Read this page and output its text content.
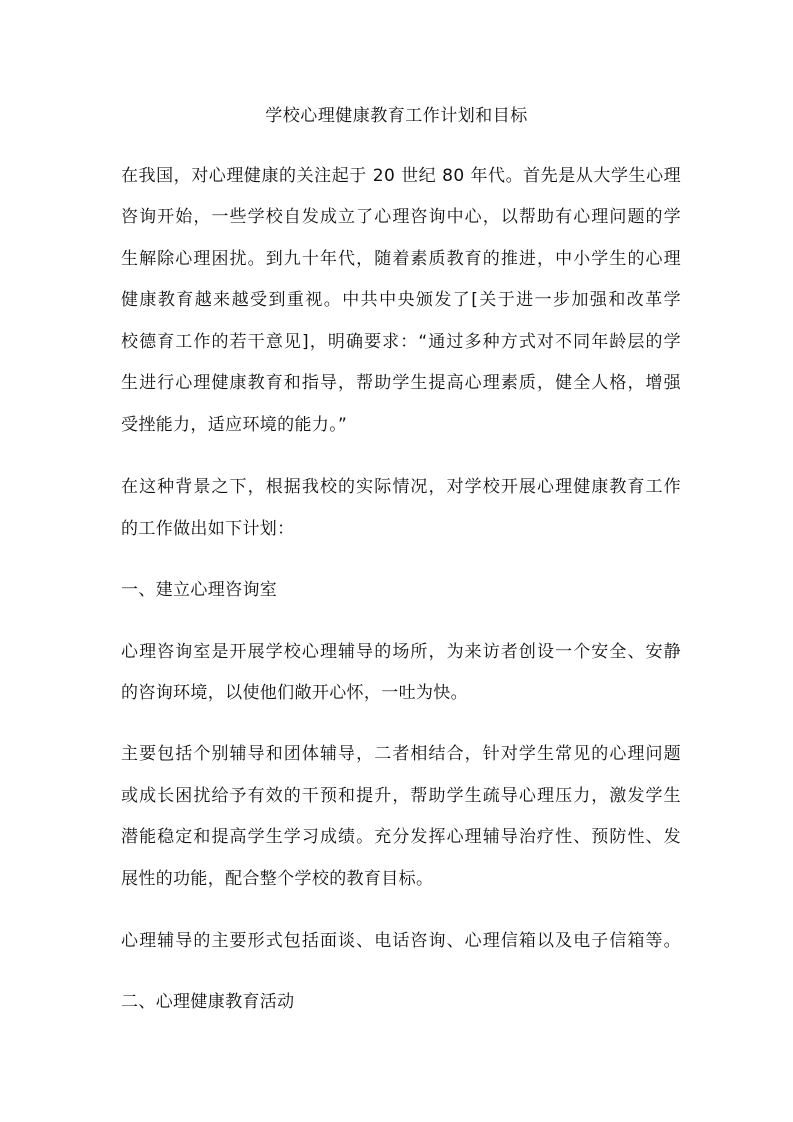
学校心理健康教育工作计划和目标
在我国，对心理健康的关注起于 20 世纪 80 年代。首先是从大学生心理
咨询开始，一些学校自发成立了心理咨询中心，以帮助有心理问题的学
生解除心理困扰。到九十年代，随着素质教育的推进，中小学生的心理
健康教育越来越受到重视。中共中央颁发了[关于进一步加强和改革学
校德育工作的若干意见]，明确要求：“通过多种方式对不同年龄层的学
生进行心理健康教育和指导，帮助学生提高心理素质，健全人格，增强
受挫能力，适应环境的能力。”
在这种背景之下，根据我校的实际情况，对学校开展心理健康教育工作
的工作做出如下计划：
一、建立心理咨询室
心理咨询室是开展学校心理辅导的场所，为来访者创设一个安全、安静
的咨询环境，以使他们敞开心怀，一吐为快。
主要包括个别辅导和团体辅导，二者相结合，针对学生常见的心理问题
或成长困扰给予有效的干预和提升，帮助学生疏导心理压力，激发学生
潜能稳定和提高学生学习成绩。充分发挥心理辅导治疗性、预防性、发
展性的功能，配合整个学校的教育目标。
心理辅导的主要形式包括面谈、电话咨询、心理信箱以及电子信箱等。
二、心理健康教育活动
